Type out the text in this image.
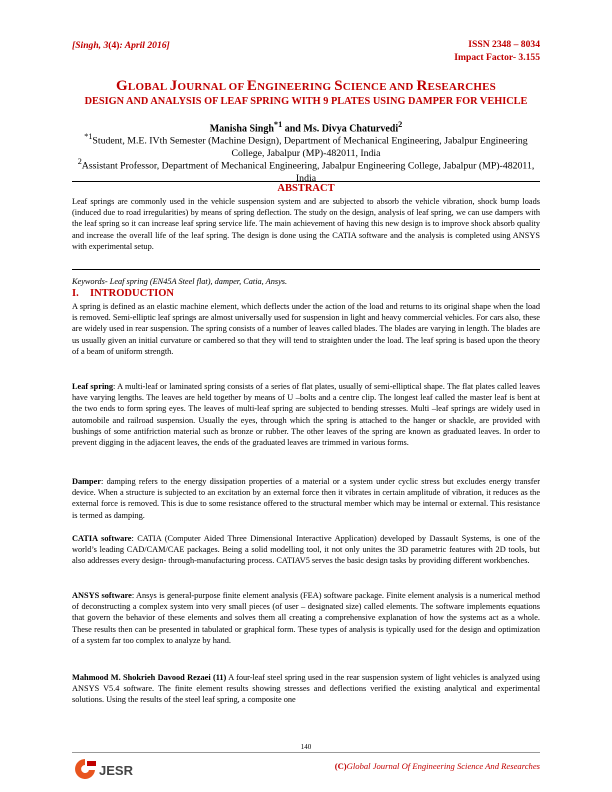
[Singh, 3(4): April 2016]	ISSN 2348 – 8034
Impact Factor- 3.155
GLOBAL JOURNAL OF ENGINEERING SCIENCE AND RESEARCHES
DESIGN AND ANALYSIS OF LEAF SPRING WITH 9 PLATES USING DAMPER FOR VEHICLE
Manisha Singh$^{*1}$ and Ms. Divya Chaturvedi$^2$
$^{*1}$Student, M.E. IVth Semester (Machine Design), Department of Mechanical Engineering, Jabalpur Engineering College, Jabalpur (MP)-482011, India
$^2$Assistant Professor, Department of Mechanical Engineering, Jabalpur Engineering College, Jabalpur (MP)-482011, India
ABSTRACT
Leaf springs are commonly used in the vehicle suspension system and are subjected to absorb the vehicle vibration, shock bump loads (induced due to road irregularities) by means of spring deflection. The study on the design, analysis of leaf spring, we can use dampers with the leaf spring so it can increase leaf spring service life. The main achievement of having this new design is to improve shock absorb quality and increase the overall life of the leaf spring. The design is done using the CATIA software and the analysis is completed using ANSYS with experimental setup.
Keywords- Leaf spring (EN45A Steel flat), damper, Catia, Ansys.
I. INTRODUCTION
A spring is defined as an elastic machine element, which deflects under the action of the load and returns to its original shape when the load is removed. Semi-elliptic leaf springs are almost universally used for suspension in light and heavy commercial vehicles. For cars also, these are widely used in rear suspension. The spring consists of a number of leaves called blades. The blades are varying in length. The blades are us usually given an initial curvature or cambered so that they will tend to straighten under the load. The leaf spring is based upon the theory of a beam of uniform strength.
Leaf spring: A multi-leaf or laminated spring consists of a series of flat plates, usually of semi-elliptical shape. The flat plates called leaves have varying lengths. The leaves are held together by means of U –bolts and a centre clip. The longest leaf called the master leaf is bent at the two ends to form spring eyes. The leaves of multi-leaf spring are subjected to bending stresses. Multi –leaf springs are widely used in automobile and railroad suspension. Usually the eyes, through which the spring is attached to the hanger or shackle, are provided with bushings of some antifriction material such as bronze or rubber. The other leaves of the spring are known as graduated leaves. In order to prevent digging in the adjacent leaves, the ends of the graduated leaves are trimmed in various forms.
Damper: damping refers to the energy dissipation properties of a material or a system under cyclic stress but excludes energy transfer device. When a structure is subjected to an excitation by an external force then it vibrates in certain amplitude of vibration, it reduces as the external force is removed. This is due to some resistance offered to the structural member which may be internal or external. This resistance is termed as damping.
CATIA software: CATIA (Computer Aided Three Dimensional Interactive Application) developed by Dassault Systems, is one of the world’s leading CAD/CAM/CAE packages. Being a solid modelling tool, it not only unites the 3D parametric features with 2D tools, but also addresses every design- through-manufacturing process. CATIAV5 serves the basic design tasks by providing different workbenches.
ANSYS software: Ansys is general-purpose finite element analysis (FEA) software package. Finite element analysis is a numerical method of deconstructing a complex system into very small pieces (of user – designated size) called elements. The software implements equations that govern the behavior of these elements and solves them all creating a comprehensive explanation of how the systems act as a whole. These results then can be presented in tabulated or graphical form. These types of analysis is typically used for the design and optimization of a system far too complex to analyze by hand.
Mahmood M. Shokrieh Davood Rezaei (11) A four-leaf steel spring used in the rear suspension system of light vehicles is analyzed using ANSYS V5.4 software. The finite element results showing stresses and deflections verified the existing analytical and experimental solutions. Using the results of the steel leaf spring, a composite one
140
JESR	(C)Global Journal Of Engineering Science And Researches
